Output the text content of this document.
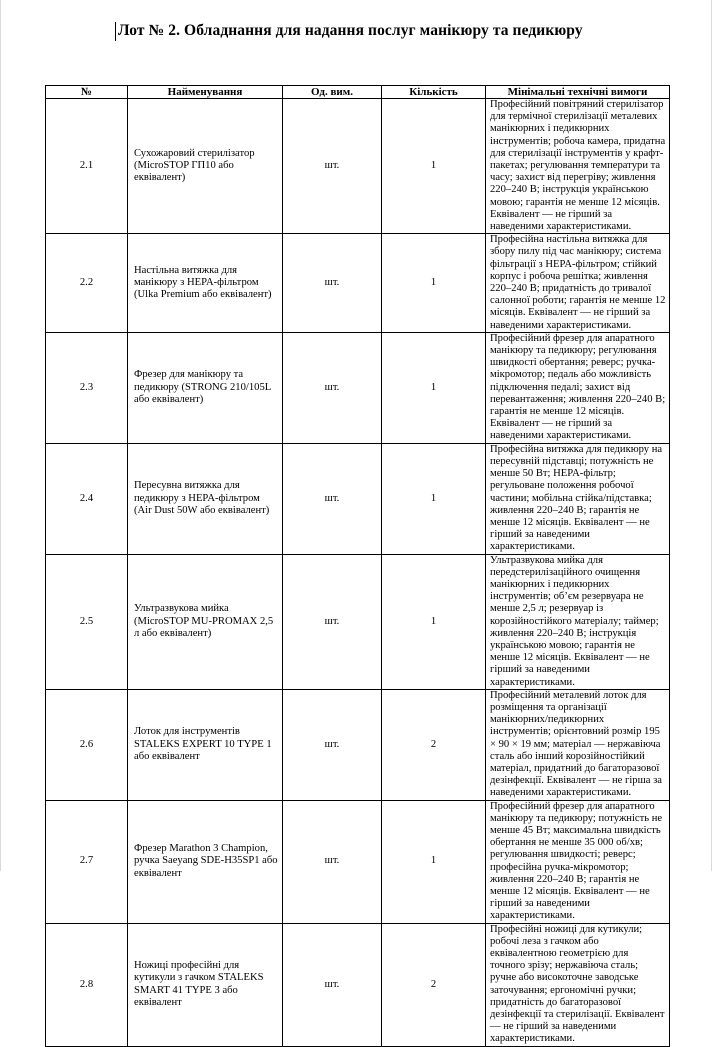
Лот № 2. Обладнання для надання послуг манікюру та педикюру
№	Найменування	Од. вим.	Кількість	Мінімальні технічні вимоги
2.1	Сухожаровий стерилізатор (MicroSTOP ГП10 або еквівалент)	шт.	1	Професійний повітряний стерилізатор для термічної стерилізації металевих манікюрних і педикюрних інструментів; робоча камера, придатна для стерилізації інструментів у крафт-пакетах; регулювання температури та часу; захист від перегріву; живлення 220–240 В; інструкція українською мовою; гарантія не менше 12 місяців. Еквівалент — не гірший за наведеними характеристиками.
2.2	Настільна витяжка для манікюру з HEPA-фільтром (Ulka Premium або еквівалент)	шт.	1	Професійна настільна витяжка для збору пилу під час манікюру; система фільтрації з HEPA-фільтром; стійкий корпус і робоча решітка; живлення 220–240 В; придатність до тривалої салонної роботи; гарантія не менше 12 місяців. Еквівалент — не гірший за наведеними характеристиками.
2.3	Фрезер для манікюру та педикюру (STRONG 210/105L або еквівалент)	шт.	1	Професійний фрезер для апаратного манікюру та педикюру; регулювання швидкості обертання; реверс; ручка-мікромотор; педаль або можливість підключення педалі; захист від перевантаження; живлення 220–240 В; гарантія не менше 12 місяців. Еквівалент — не гірший за наведеними характеристиками.
2.4	Пересувна витяжка для педикюру з HEPA-фільтром (Air Dust 50W або еквівалент)	шт.	1	Професійна витяжка для педикюру на пересувній підставці; потужність не менше 50 Вт; HEPA-фільтр; регульоване положення робочої частини; мобільна стійка/підставка; живлення 220–240 В; гарантія не менше 12 місяців. Еквівалент — не гірший за наведеними характеристиками.
2.5	Ультразвукова мийка (MicroSTOP MU-PROMAX 2,5 л або еквівалент)	шт.	1	Ультразвукова мийка для передстерилізаційного очищення манікюрних і педикюрних інструментів; об’єм резервуара не менше 2,5 л; резервуар із корозійностійкого матеріалу; таймер; живлення 220–240 В; інструкція українською мовою; гарантія не менше 12 місяців. Еквівалент — не гірший за наведеними характеристиками.
2.6	Лоток для інструментів STALEKS EXPERT 10 TYPE 1 або еквівалент	шт.	2	Професійний металевий лоток для розміщення та організації манікюрних/педикюрних інструментів; орієнтовний розмір 195 × 90 × 19 мм; матеріал — нержавіюча сталь або інший корозійностійкий матеріал, придатний до багаторазової дезінфекції. Еквівалент — не гірша за наведеними характеристиками.
2.7	Фрезер Marathon 3 Champion, ручка Saeyang SDE-H35SP1 або еквівалент	шт.	1	Професійний фрезер для апаратного манікюру та педикюру; потужність не менше 45 Вт; максимальна швидкість обертання не менше 35 000 об/хв; регулювання швидкості; реверс; професійна ручка-мікромотор; живлення 220–240 В; гарантія не менше 12 місяців. Еквівалент — не гірший за наведеними характеристиками.
2.8	Ножиці професійні для кутикули з гачком STALEKS SMART 41 TYPE 3 або еквівалент	шт.	2	Професійні ножиці для кутикули; робочі леза з гачком або еквівалентною геометрією для точного зрізу; нержавіюча сталь; ручне або високоточне заводське заточування; ергономічні ручки; придатність до багаторазової дезінфекції та стерилізації. Еквівалент — не гірший за наведеними характеристиками.
